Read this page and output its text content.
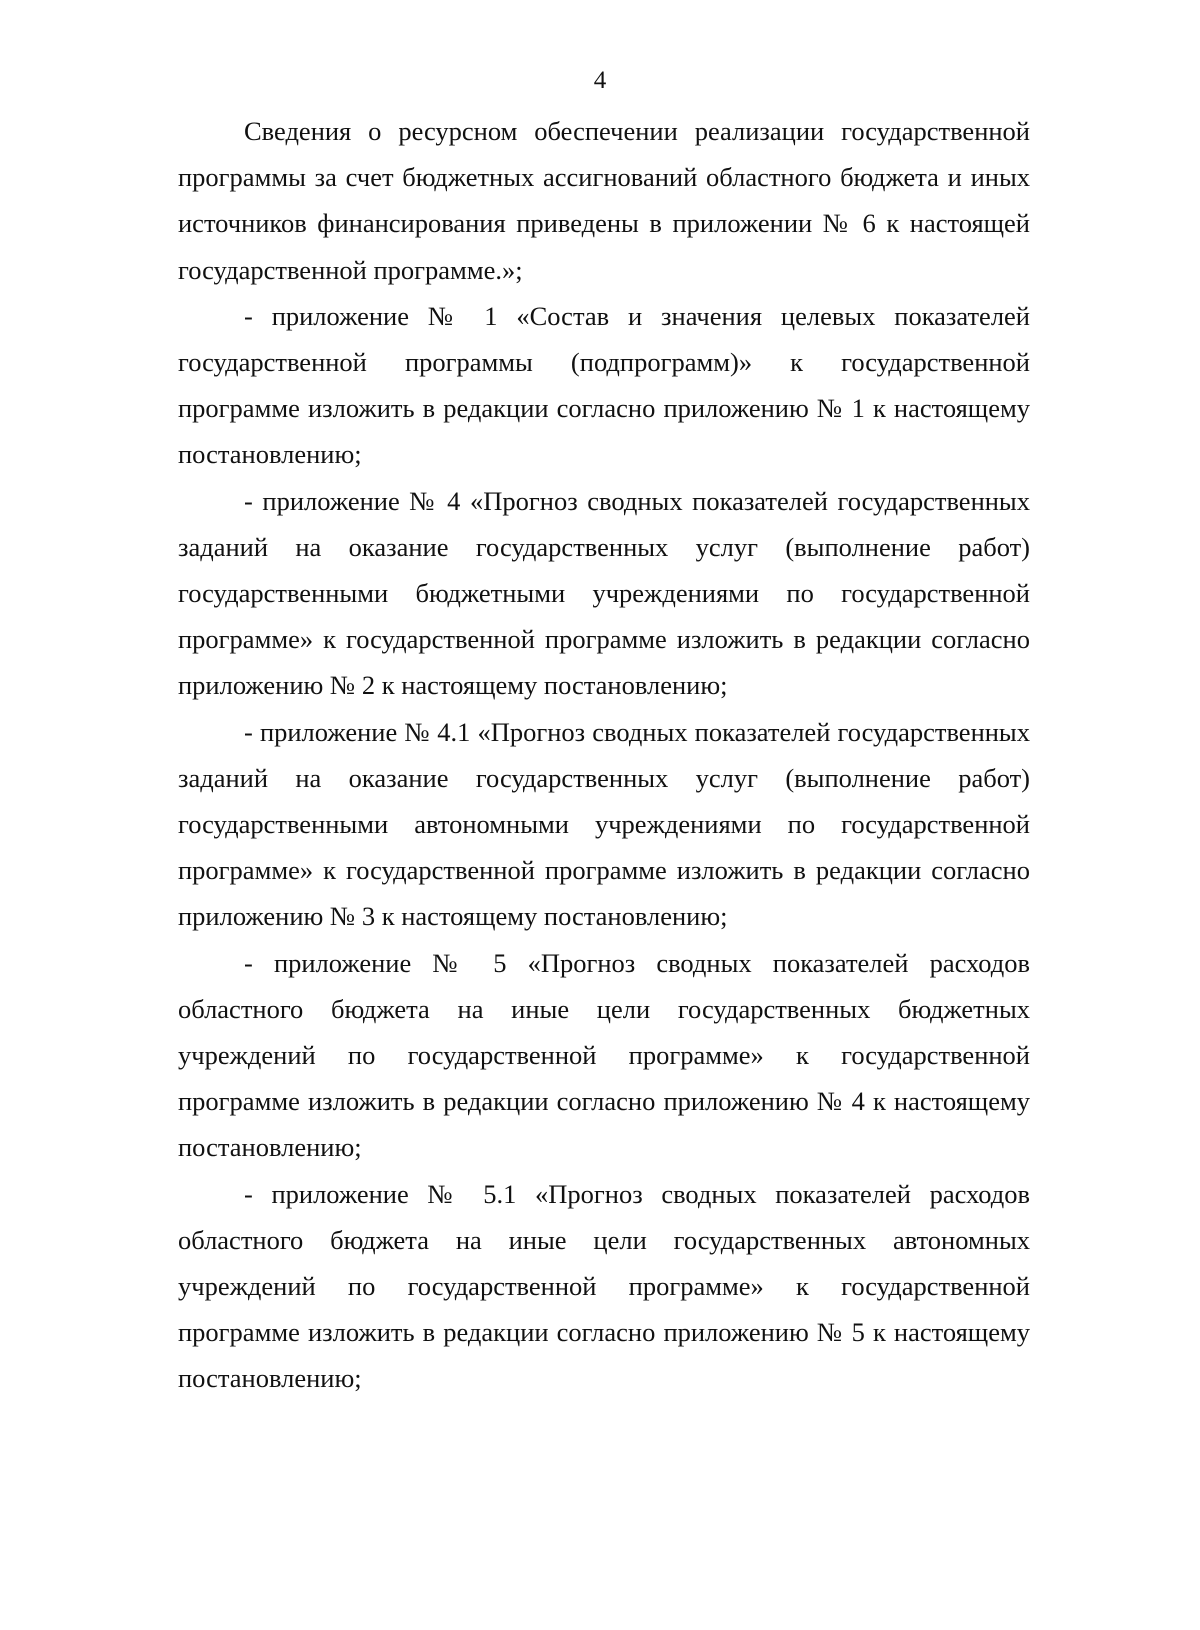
4

Сведения о ресурсном обеспечении реализации государственной программы за счет бюджетных ассигнований областного бюджета и иных источников финансирования приведены в приложении № 6 к настоящей государственной программе.»;

- приложение № 1 «Состав и значения целевых показателей государственной программы (подпрограмм)» к государственной программе изложить в редакции согласно приложению № 1 к настоящему постановлению;

- приложение № 4 «Прогноз сводных показателей государственных заданий на оказание государственных услуг (выполнение работ) государственными бюджетными учреждениями по государственной программе» к государственной программе изложить в редакции согласно приложению № 2 к настоящему постановлению;

- приложение № 4.1 «Прогноз сводных показателей государственных заданий на оказание государственных услуг (выполнение работ) государственными автономными учреждениями по государственной программе» к государственной программе изложить в редакции согласно приложению № 3 к настоящему постановлению;

- приложение № 5 «Прогноз сводных показателей расходов областного бюджета на иные цели государственных бюджетных учреждений по государственной программе» к государственной программе изложить в редакции согласно приложению № 4 к настоящему постановлению;

- приложение № 5.1 «Прогноз сводных показателей расходов областного бюджета на иные цели государственных автономных учреждений по государственной программе» к государственной программе изложить в редакции согласно приложению № 5 к настоящему постановлению;
